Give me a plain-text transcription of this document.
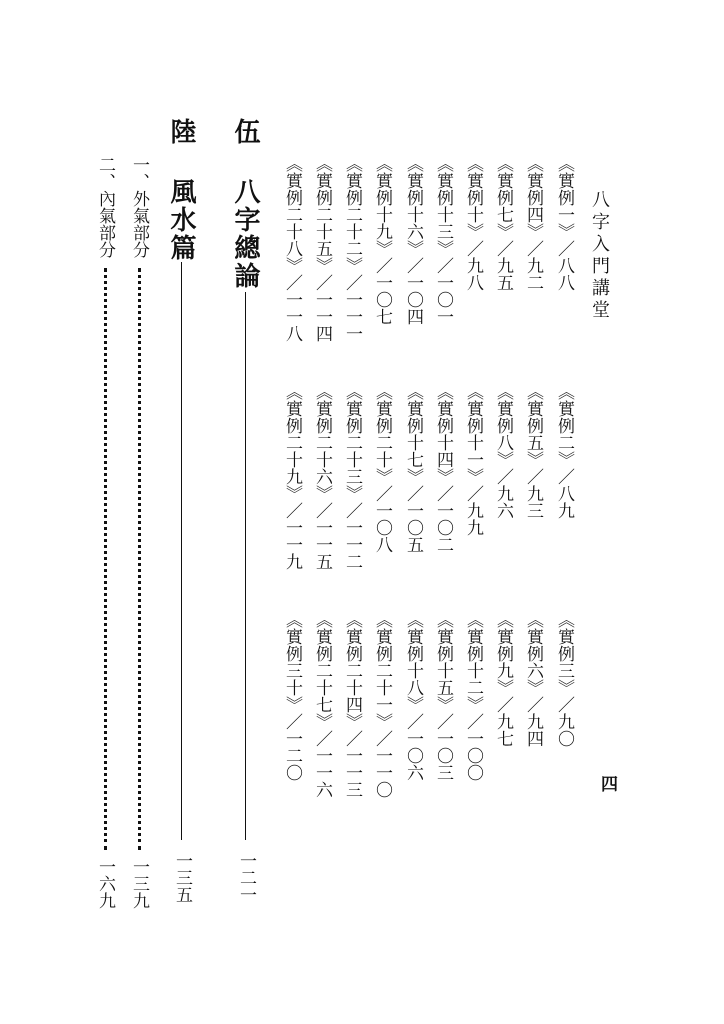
八字入門講堂
四
《實例一》／八八
《實例二》／八九
《實例三》／九〇
《實例四》／九二
《實例五》／九三
《實例六》／九四
《實例七》／九五
《實例八》／九六
《實例九》／九七
《實例十》／九八
《實例十一》／九九
《實例十二》／一〇〇
《實例十三》／一〇一
《實例十四》／一〇二
《實例十五》／一〇三
《實例十六》／一〇四
《實例十七》／一〇五
《實例十八》／一〇六
《實例十九》／一〇七
《實例二十》／一〇八
《實例二十一》／一一〇
《實例二十二》／一一一
《實例二十三》／一一二
《實例二十四》／一一三
《實例二十五》／一一四
《實例二十六》／一一五
《實例二十七》／一一六
《實例二十八》／一一八
《實例二十九》／一一九
《實例三十》／一二〇
伍
八字總論
一二一
陸
風水篇
一三五
一、外氣部分
一三九
二、內氣部分
一六九
